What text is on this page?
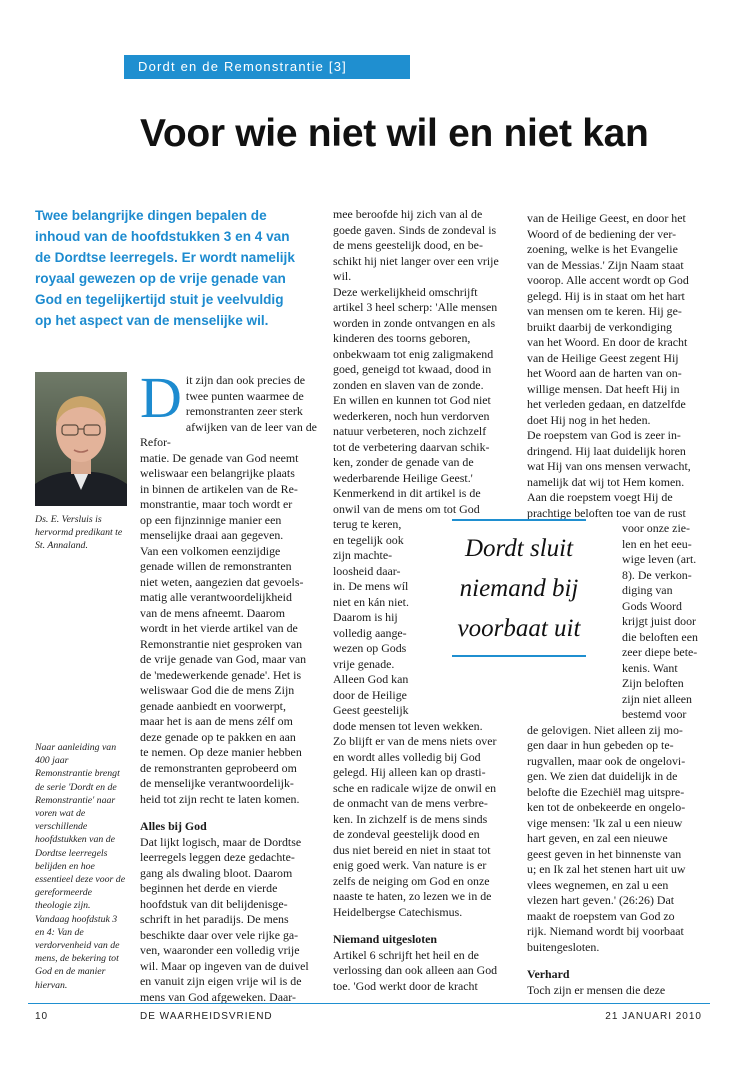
Dordt en de Remonstrantie [3]
Voor wie niet wil en niet kan
Twee belangrijke dingen bepalen de inhoud van de hoofdstukken 3 en 4 van de Dordtse leerregels. Er wordt namelijk royaal gewezen op de vrije genade van God en tegelijkertijd stuit je veelvuldig op het aspect van de menselijke wil.
Ds. E. Versluis is hervormd predikant te St. Annaland.
Naar aanleiding van 400 jaar Remonstrantie brengt de serie 'Dordt en de Remonstrantie' naar voren wat de verschillende hoofdstukken van de Dordtse leerregels belijden en hoe essentieel deze voor de gereformeerde theologie zijn. Vandaag hoofdstuk 3 en 4: Van de verdorvenheid van de mens, de bekering tot God en de manier hiervan.
D it zijn dan ook precies de

twee punten waarmee de

remonstranten zeer sterk

afwijken van de leer van de Refor-

matie. De genade van God neemt

weliswaar een belangrijke plaats

in binnen de artikelen van de Re-

monstrantie, maar toch wordt er

op een fijnzinnige manier een

menselijke draai aan gegeven.

Van een volkomen eenzijdige

genade willen de remonstranten

niet weten, aangezien dat gevoels-

matig alle verantwoordelijkheid

van de mens afneemt. Daarom

wordt in het vierde artikel van de

Remonstrantie niet gesproken van

de vrije genade van God, maar van

de 'medewerkende genade'. Het is

weliswaar God die de mens Zijn

genade aanbiedt en voorwerpt,

maar het is aan de mens zélf om

deze genade op te pakken en aan

te nemen. Op deze manier hebben

de remonstranten geprobeerd om

de menselijke verantwoordelijk-

heid tot zijn recht te laten komen.

Alles bij God

Dat lijkt logisch, maar de Dordtse

leerregels leggen deze gedachte-

gang als dwaling bloot. Daarom

beginnen het derde en vierde

hoofdstuk van dit belijdenisge-

schrift in het paradijs. De mens

beschikte daar over vele rijke ga-

ven, waaronder een volledig vrije

wil. Maar op ingeven van de duivel

en vanuit zijn eigen vrije wil is de

mens van God afgeweken. Daar-

mee beroofde hij zich van al de

goede gaven. Sinds de zondeval is

de mens geestelijk dood, en be-

schikt hij niet langer over een vrije

wil.

Deze werkelijkheid omschrijft

artikel 3 heel scherp: 'Alle mensen

worden in zonde ontvangen en als

kinderen des toorns geboren,

onbekwaam tot enig zaligmakend

goed, geneigd tot kwaad, dood in

zonden en slaven van de zonde.

En willen en kunnen tot God niet

wederkeren, noch hun verdorven

natuur verbeteren, noch zichzelf

tot de verbetering daarvan schik-

ken, zonder de genade van de

wederbarende Heilige Geest.'

Kenmerkend in dit artikel is de

onwil van de mens om tot God

terug te keren,

en tegelijk ook

zijn machte-

loosheid daar-

in. De mens wíl

niet en kán niet.

Daarom is hij

volledig aange-

wezen op Gods

vrije genade.

Alleen God kan

door de Heilige

Geest geestelijk

dode mensen tot leven wekken.

Zo blijft er van de mens niets over

en wordt alles volledig bij God

gelegd. Hij alleen kan op drasti-

sche en radicale wijze de onwil en

de onmacht van de mens verbre-

ken. In zichzelf is de mens sinds

de zondeval geestelijk dood en

dus niet bereid en niet in staat tot

enig goed werk. Van nature is er

zelfs de neiging om God en onze

naaste te haten, zo lezen we in de

Heidelbergse Catechismus.

Niemand uitgesloten

Artikel 6 schrijft het heil en de

verlossing dan ook alleen aan God

toe. 'God werkt door de kracht

van de Heilige Geest, en door het

Woord of de bediening der ver-

zoening, welke is het Evangelie

van de Messias.' Zijn Naam staat

voorop. Alle accent wordt op God

gelegd. Hij is in staat om het hart

van mensen om te keren. Hij ge-

bruikt daarbij de verkondiging

van het Woord. En door de kracht

van de Heilige Geest zegent Hij

het Woord aan de harten van on-

willige mensen. Dat heeft Hij in

het verleden gedaan, en datzelfde

doet Hij nog in het heden.

De roepstem van God is zeer in-

dringend. Hij laat duidelijk horen

wat Hij van ons mensen verwacht,

namelijk dat wij tot Hem komen.

Aan die roepstem voegt Hij de

prachtige beloften toe van de rust

voor onze zie-

len en het eeu-

wige leven (art.

8). De verkon-

diging van

Gods Woord

krijgt juist door

die beloften een

zeer diepe bete-

kenis. Want

Zijn beloften

zijn niet alleen

bestemd voor

de gelovigen. Niet alleen zij mo-

gen daar in hun gebeden op te-

rugvallen, maar ook de ongelovi-

gen. We zien dat duidelijk in de

belofte die Ezechiël mag uitspre-

ken tot de onbekeerde en ongelo-

vige mensen: 'Ik zal u een nieuw

hart geven, en zal een nieuwe

geest geven in het binnenste van

u; en Ik zal het stenen hart uit uw

vlees wegnemen, en zal u een

vlezen hart geven.' (26:26) Dat

maakt de roepstem van God zo

rijk. Niemand wordt bij voorbaat

buitengesloten.

Verhard

Toch zijn er mensen die deze

Dordt sluit
niemand bij
voorbaat uit
10	DE WAARHEIDSVRIEND	21 JANUARI 2010
